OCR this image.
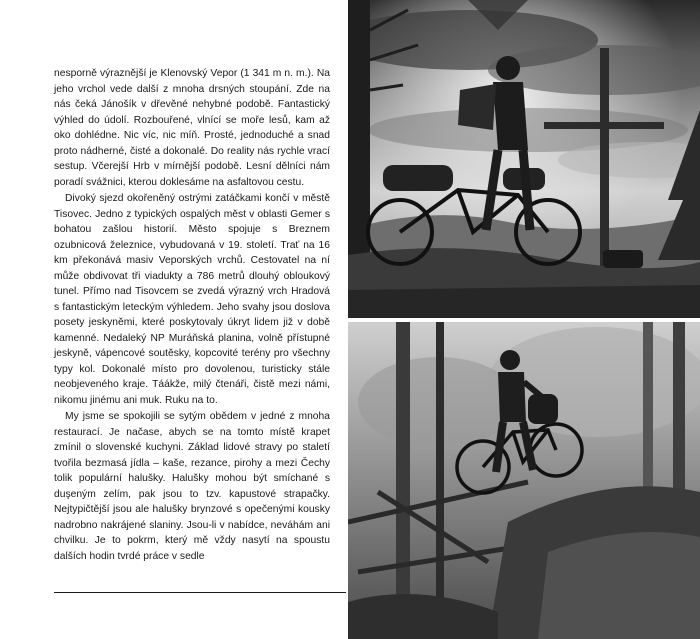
nesporně výraznější je Klenovský Vepor (1 341 m n. m.). Na jeho vrchol vede další z mnoha drsných stoupání. Zde na nás čeká Jánošík v dřevěné nehybné podobě. Fantastický výhled do údolí. Rozbouřené, vlnící se moře lesů, kam až oko dohlédne. Nic víc, nic míň. Prosté, jednoduché a snad proto nádherné, čisté a dokonalé. Do reality nás rychle vrací sestup. Včerejší Hrb v mírnější podobě. Lesní dělníci nám poradí svážnici, kterou doklesáme na asfaltovou cestu.

Divoký sjezd okořeněný ostrými zatáčkami končí v městě Tisovec. Jedno z typických ospalých měst v oblasti Gemer s bohatou zašlou historií. Město spojuje s Breznem ozubnicová železnice, vybudovaná v 19. století. Trať na 16 km překonává masiv Veporských vrchů. Cestovatel na ní může obdivovat tři viadukty a 786 metrů dlouhý obloukový tunel. Přímo nad Tisovcem se zvedá výrazný vrch Hradová s fantastickým leteckým výhledem. Jeho svahy jsou doslova posety jeskyněmi, které poskytovaly úkryt lidem již v době kamenné. Nedaleký NP Muráňská planina, volně přístupné jeskyně, vápencové soutěsky, kopcovité terény pro všechny typy kol. Dokonalé místo pro dovolenou, turisticky stále neobjeveného kraje. Táákže, milý čtenáři, čistě mezi námi, nikomu jinému ani muk. Ruku na to.

My jsme se spokojili se sytým obědem v jedné z mnoha restaurací. Je načase, abych se na tomto místě krapet zmínil o slovenské kuchyni. Základ lidové stravy po staletí tvořila bezmasá jídla – kaše, rezance, pirohy a mezi Čechy tolik populární halušky. Halušky mohou být smíchané s duşeným zelím, pak jsou to tzv. kapustové strapačky. Nejtypičtější jsou ale halušky brynzové s opečenými kousky nadrobno nakrájené slaniny. Jsou-li v nabídce, neváhám ani chvilku. Je to pokrm, který mě vždy nasytí na spoustu dalších hodin tvrdé práce v sedle
